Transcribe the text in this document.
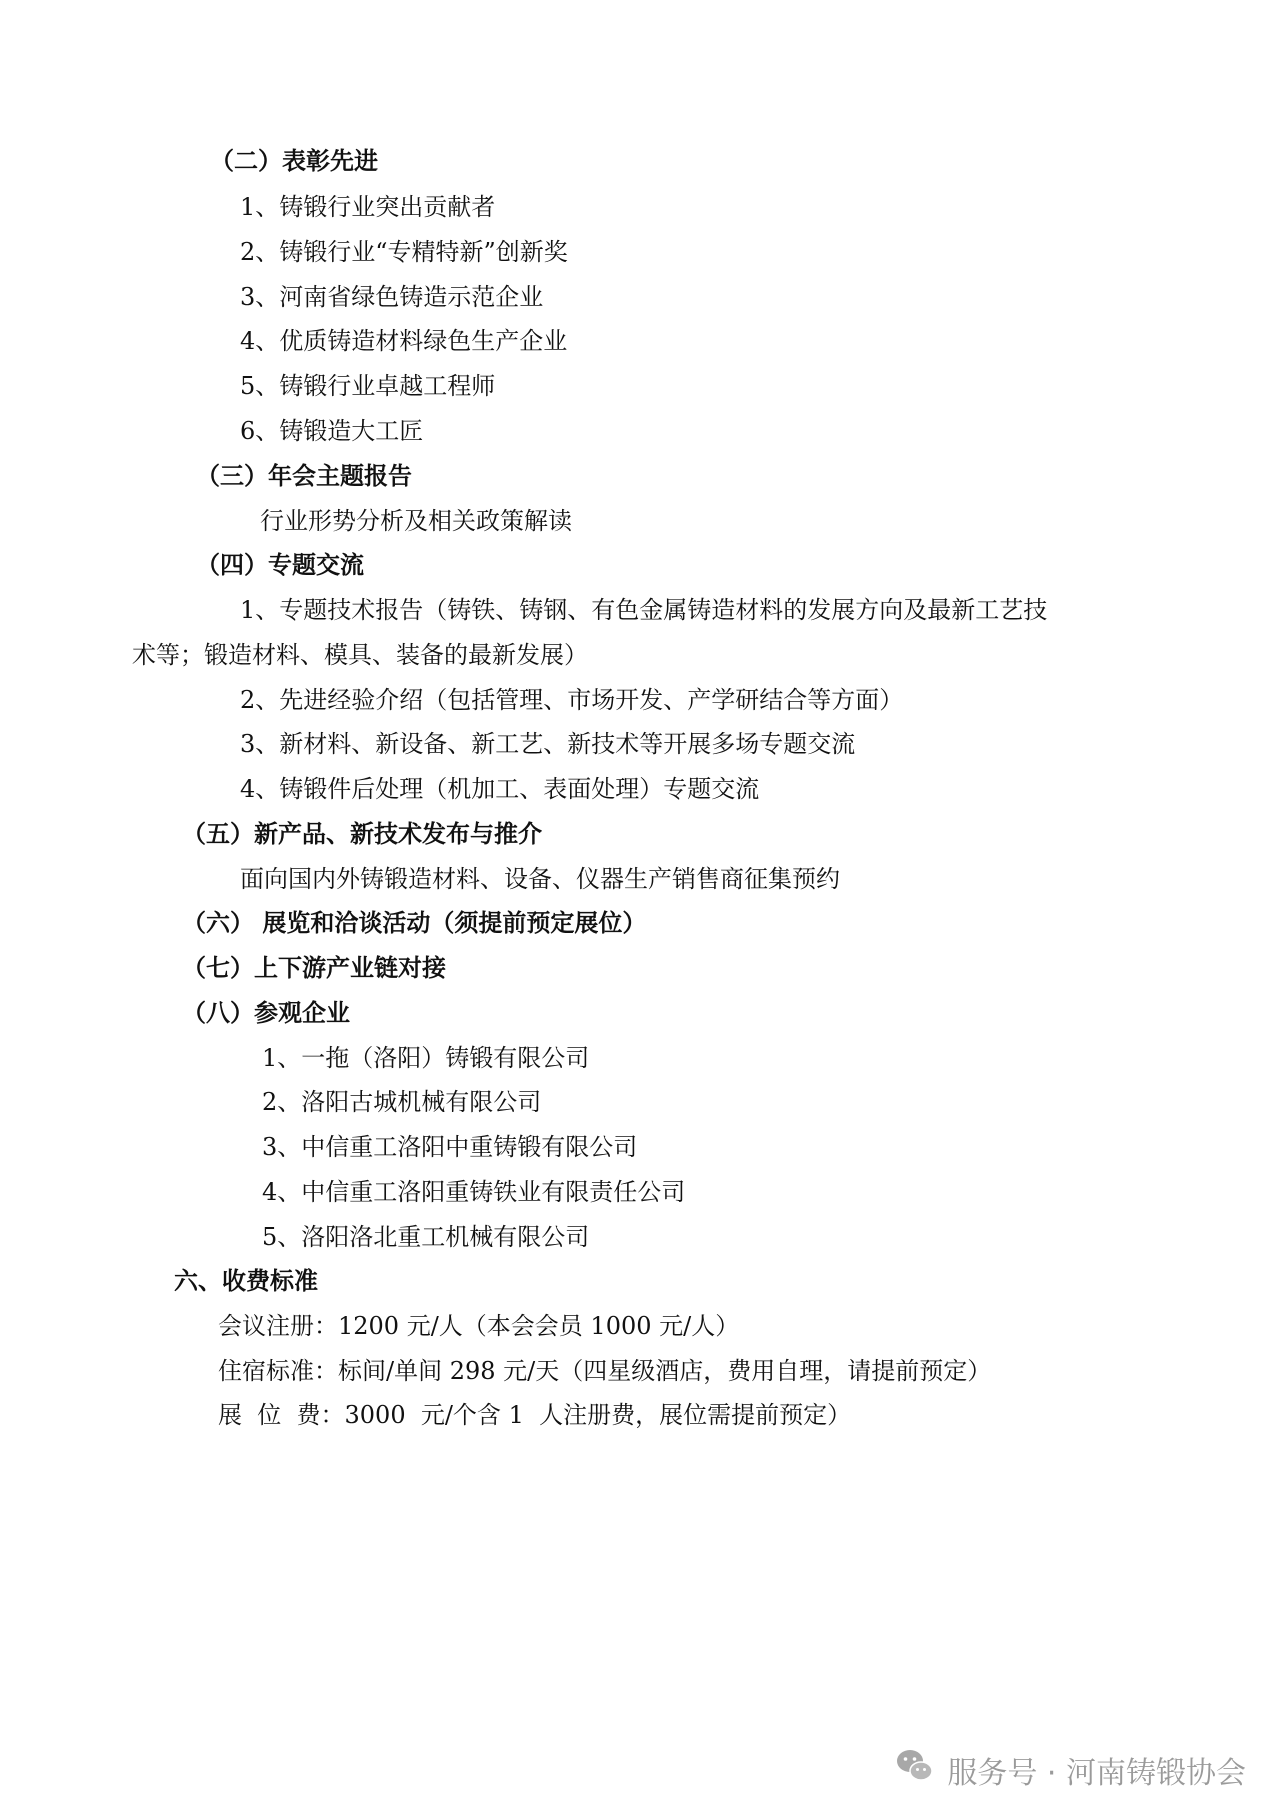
（二）表彰先进
1、铸锻行业突出贡献者
2、铸锻行业“专精特新”创新奖
3、河南省绿色铸造示范企业
4、优质铸造材料绿色生产企业
5、铸锻行业卓越工程师
6、铸锻造大工匠
（三）年会主题报告
行业形势分析及相关政策解读
（四）专题交流
1、专题技术报告（铸铁、铸钢、有色金属铸造材料的发展方向及最新工艺技
术等；锻造材料、模具、装备的最新发展）
2、先进经验介绍（包括管理、市场开发、产学研结合等方面）
3、新材料、新设备、新工艺、新技术等开展多场专题交流
4、铸锻件后处理（机加工、表面处理）专题交流
（五）新产品、新技术发布与推介
面向国内外铸锻造材料、设备、仪器生产销售商征集预约
（六） 展览和洽谈活动（须提前预定展位）
（七）上下游产业链对接
（八）参观企业
1、一拖（洛阳）铸锻有限公司
2、洛阳古城机械有限公司
3、中信重工洛阳中重铸锻有限公司
4、中信重工洛阳重铸铁业有限责任公司
5、洛阳洛北重工机械有限公司
六、收费标准
会议注册：1200 元/人（本会会员 1000 元/人）
住宿标准：标间/单间 298 元/天（四星级酒店，费用自理，请提前预定）
展  位  费：3000  元/个含 1  人注册费，展位需提前预定）
服务号 · 河南铸锻协会
